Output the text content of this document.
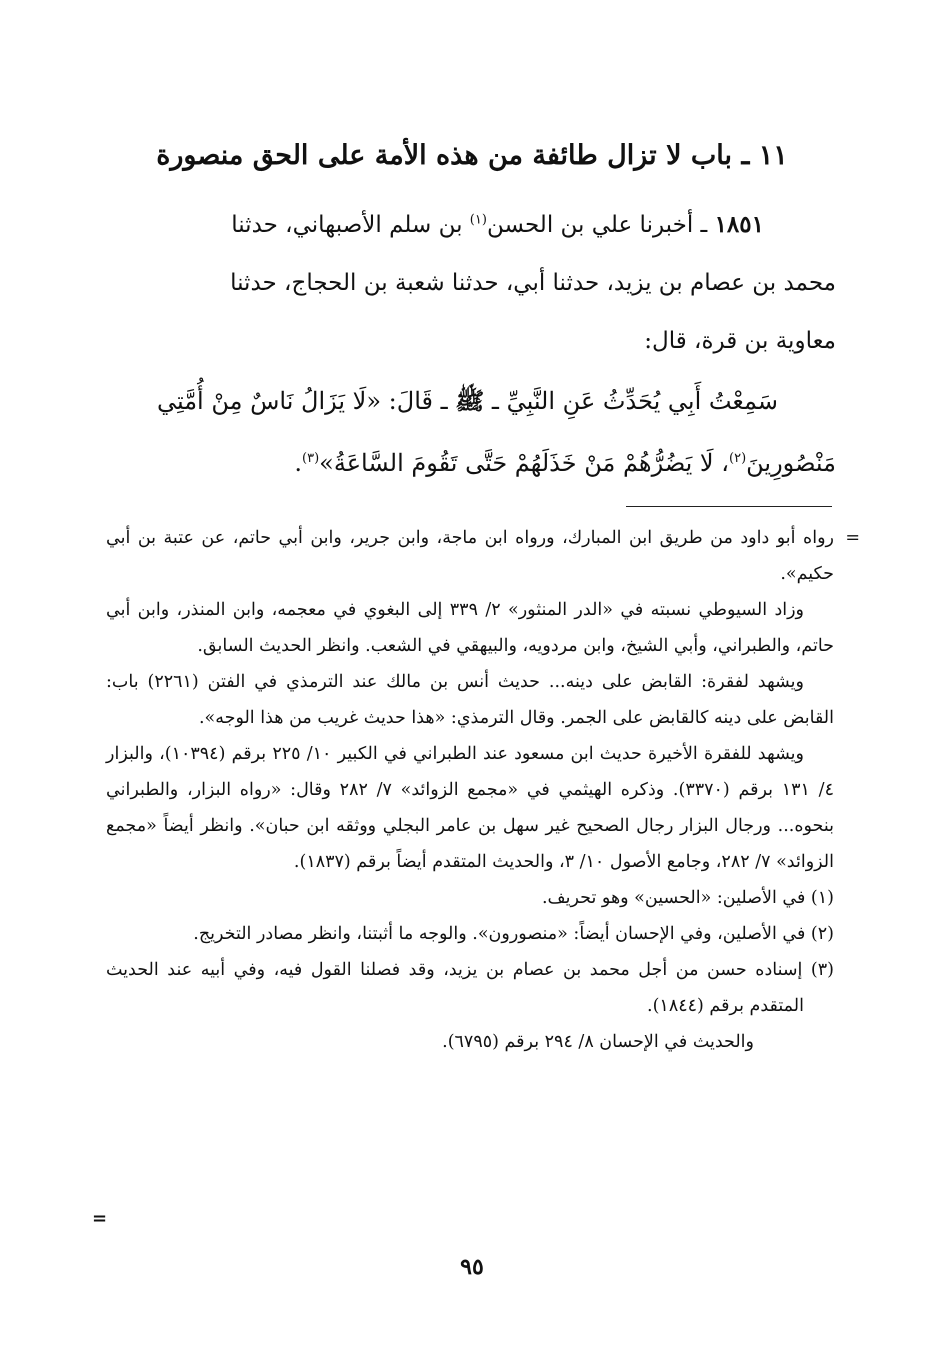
١١ ـ باب لا تزال طائفة من هذه الأمة على الحق منصورة
١٨٥١ ـ أخبرنا علي بن الحسن$^{(١)}$ بن سلم الأصبهاني، حدثنا
محمد بن عصام بن يزيد، حدثنا أبي، حدثنا شعبة بن الحجاج، حدثنا
معاوية بن قرة، قال:
سَمِعْتُ أَبِي يُحَدِّثُ عَنِ النَّبِيِّ ـ ﷺ ـ قَالَ: «لَا يَزَالُ نَاسٌ مِنْ أُمَّتِي
مَنْصُورِينَ$^{(٢)}$، لَا يَضُرُّهُمْ مَنْ خَذَلَهُمْ حَتَّى تَقُومَ السَّاعَةُ»$^{(٣)}$.

=
رواه أبو داود من طريق ابن المبارك، ورواه ابن ماجة، وابن جرير، وابن أبي حاتم، عن عتبة بن أبي حكيم».

وزاد السيوطي نسبته في «الدر المنثور» ٢/ ٣٣٩ إلى البغوي في معجمه، وابن المنذر، وابن أبي حاتم، والطبراني، وأبي الشيخ، وابن مردويه، والبيهقي في الشعب. وانظر الحديث السابق.

ويشهد لفقرة: القابض على دينه... حديث أنس بن مالك عند الترمذي في الفتن (٢٢٦١) باب: القابض على دينه كالقابض على الجمر. وقال الترمذي: «هذا حديث غريب من هذا الوجه».

ويشهد للفقرة الأخيرة حديث ابن مسعود عند الطبراني في الكبير ١٠/ ٢٢٥ برقم (١٠٣٩٤)، والبزار ٤/ ١٣١ برقم (٣٣٧٠). وذكره الهيثمي في «مجمع الزوائد» ٧/ ٢٨٢ وقال: «رواه البزار، والطبراني بنحوه... ورجال البزار رجال الصحيح غير سهل بن عامر البجلي ووثقه ابن حبان». وانظر أيضاً «مجمع الزوائد» ٧/ ٢٨٢، وجامع الأصول ١٠/ ٣، والحديث المتقدم أيضاً برقم (١٨٣٧).

(١) في الأصلين: «الحسين» وهو تحريف.

(٢) في الأصلين، وفي الإحسان أيضاً: «منصورون». والوجه ما أثبتنا، وانظر مصادر التخريج.

(٣) إسناده حسن من أجل محمد بن عصام بن يزيد، وقد فصلنا القول فيه، وفي أبيه عند الحديث المتقدم برقم (١٨٤٤).

والحديث في الإحسان ٨/ ٢٩٤ برقم (٦٧٩٥).

=
٩٥
